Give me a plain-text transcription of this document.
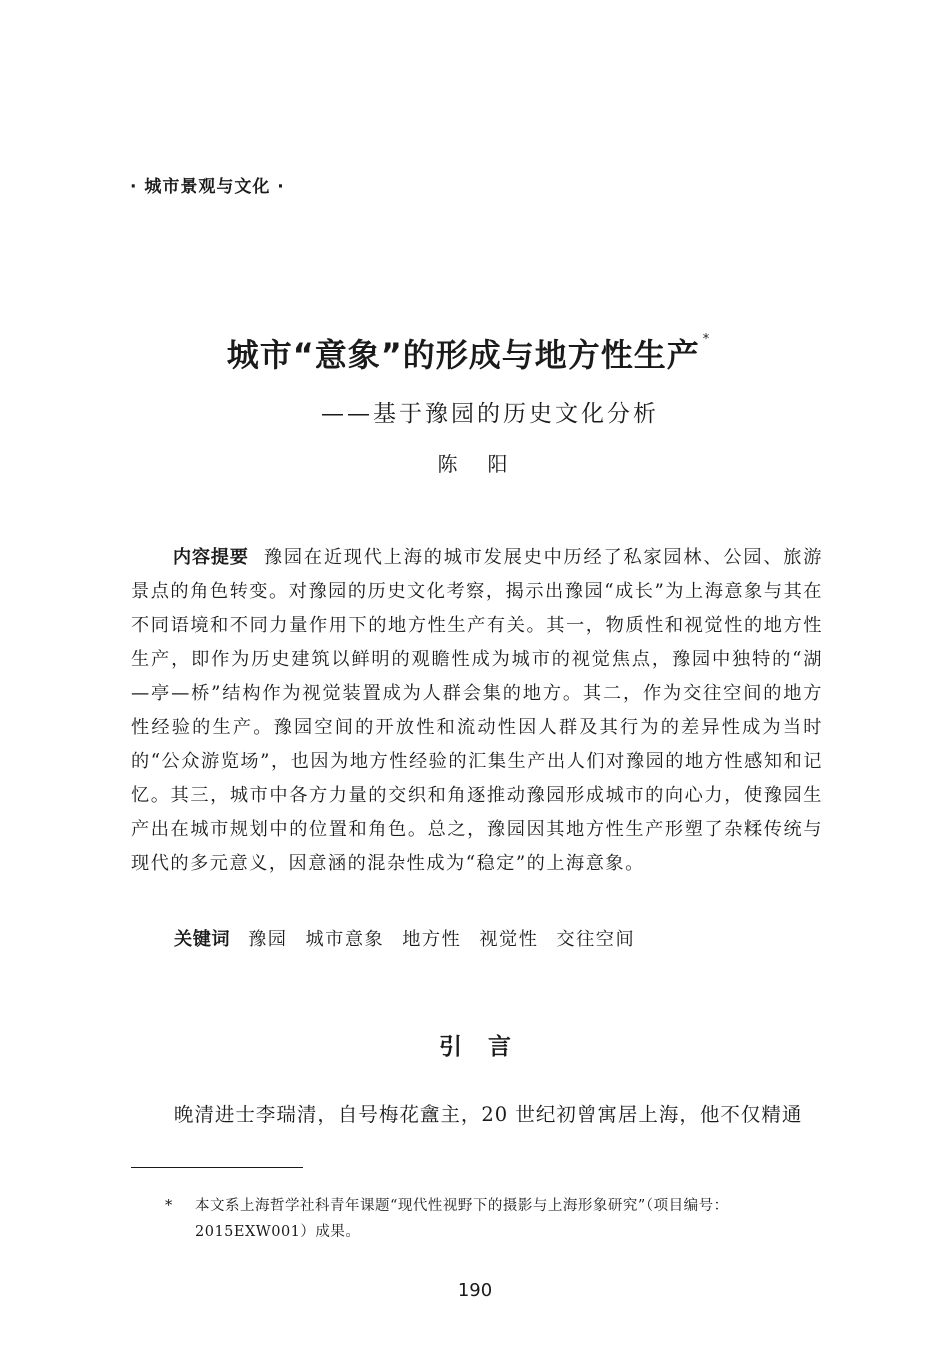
· 城市景观与文化 ·
城市“意象”的形成与地方性生产 *
——基于豫园的历史文化分析
陈阳
内容提要 豫园在近现代上海的城市发展史中历经了私家园林、公园、旅游景点的角色转变。对豫园的历史文化考察，揭示出豫园“成长”为上海意象与其在不同语境和不同力量作用下的地方性生产有关。其一，物质性和视觉性的地方性生产，即作为历史建筑以鲜明的观瞻性成为城市的视觉焦点，豫园中独特的“湖—亭—桥”结构作为视觉装置成为人群会集的地方。其二，作为交往空间的地方性经验的生产。豫园空间的开放性和流动性因人群及其行为的差异性成为当时的“公众游览场”，也因为地方性经验的汇集生产出人们对豫园的地方性感知和记忆。其三，城市中各方力量的交织和角逐推动豫园形成城市的向心力，使豫园生产出在城市规划中的位置和角色。总之，豫园因其地方性生产形塑了杂糅传统与现代的多元意义，因意涵的混杂性成为“稳定”的上海意象。
关键词 豫园 城市意象 地方性 视觉性 交往空间
引言
晚清进士李瑞清，自号梅花盦主，20 世纪初曾寓居上海，他不仅精通
*	本文系上海哲学社科青年课题“现代性视野下的摄影与上海形象研究”（项目编号：2015EXW001）成果。
190
